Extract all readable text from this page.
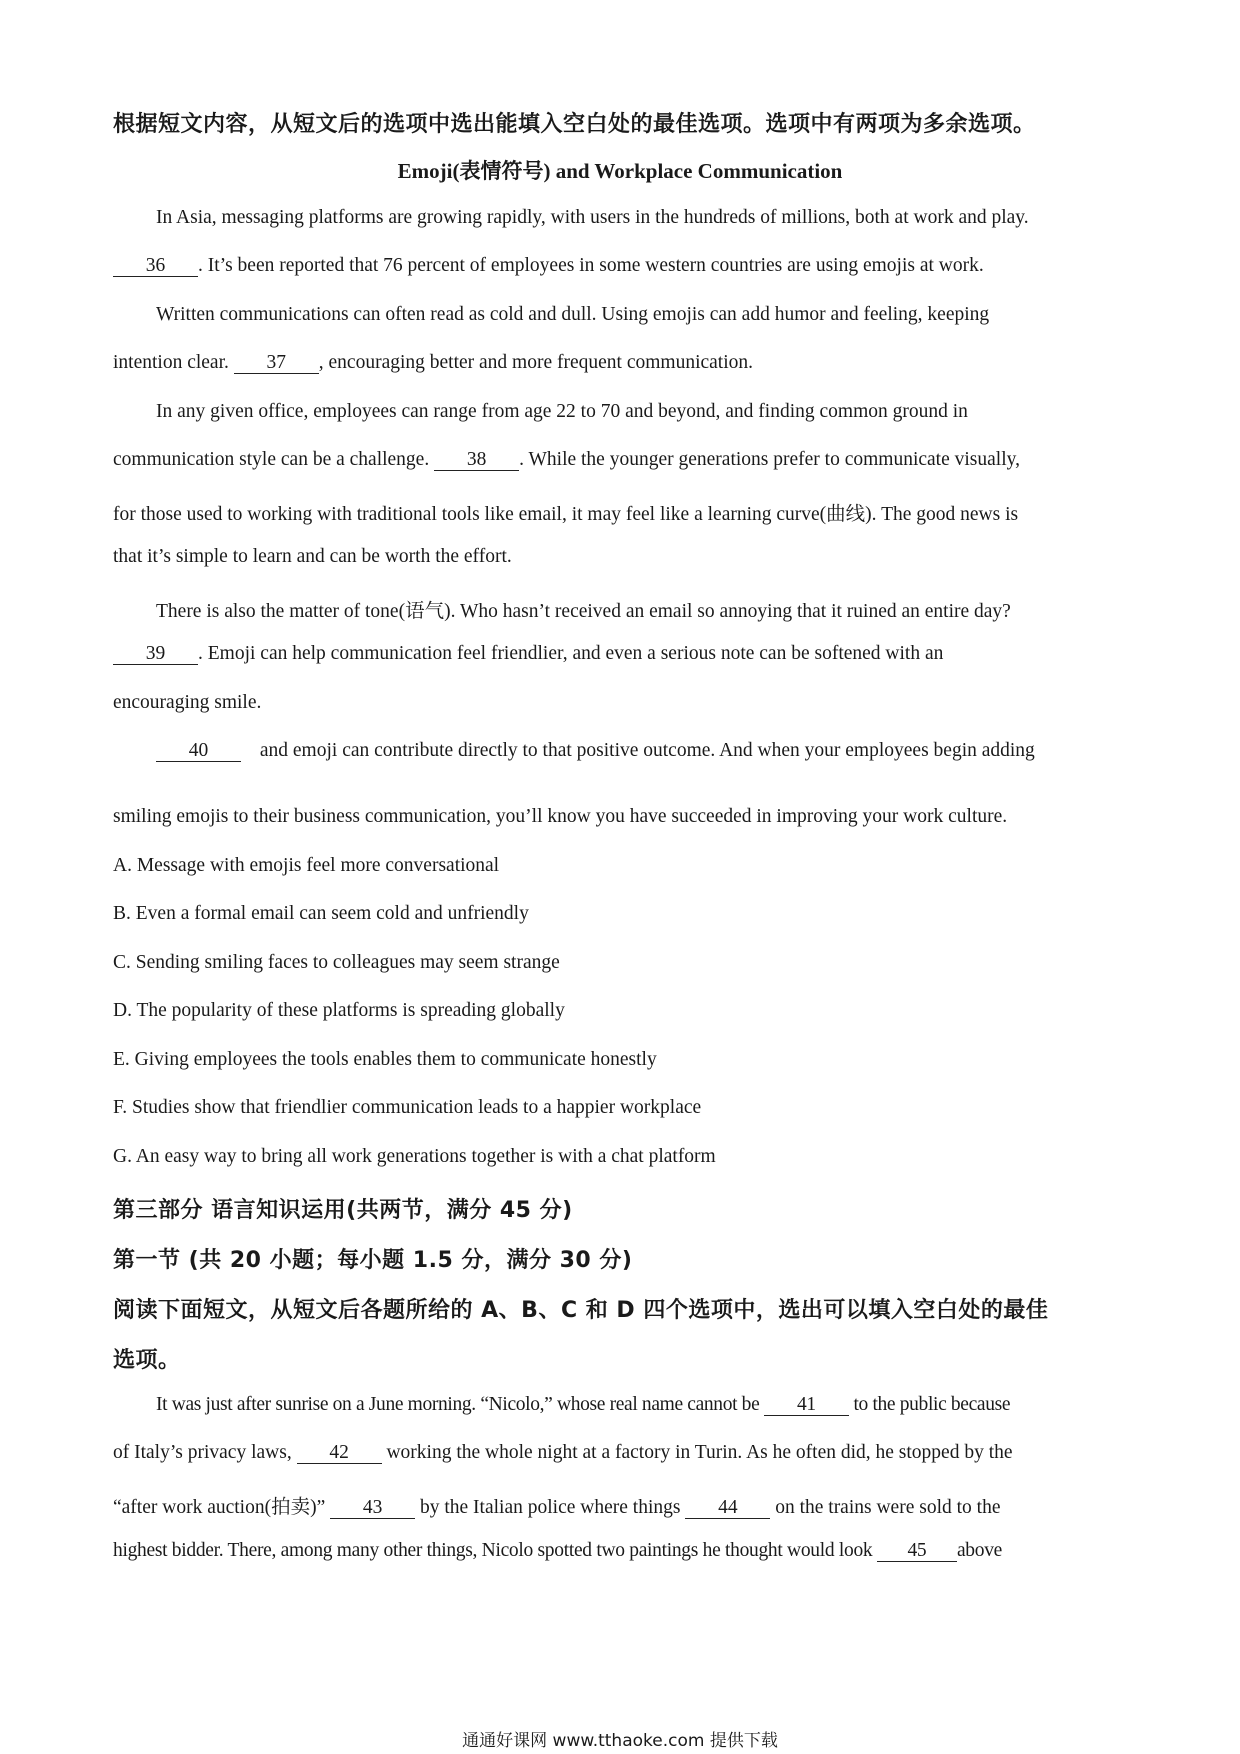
根据短文内容，从短文后的选项中选出能填入空白处的最佳选项。选项中有两项为多余选项。
Emoji(表情符号) and Workplace Communication
In Asia, messaging platforms are growing rapidly, with users in the hundreds of millions, both at work and play.
36 . It’s been reported that 76 percent of employees in some western countries are using emojis at work.
Written communications can often read as cold and dull. Using emojis can add humor and feeling, keeping
intention clear. 37 , encouraging better and more frequent communication.
In any given office, employees can range from age 22 to 70 and beyond, and finding common ground in
communication style can be a challenge. 38 . While the younger generations prefer to communicate visually,
for those used to working with traditional tools like email, it may feel like a learning curve(曲线). The good news is
that it’s simple to learn and can be worth the effort.
There is also the matter of tone(语气). Who hasn’t received an email so annoying that it ruined an entire day?
39 . Emoji can help communication feel friendlier, and even a serious note can be softened with an
encouraging smile.
40	and emoji can contribute directly to that positive outcome. And when your employees begin adding
smiling emojis to their business communication, you’ll know you have succeeded in improving your work culture.
A. Message with emojis feel more conversational
B. Even a formal email can seem cold and unfriendly
C. Sending smiling faces to colleagues may seem strange
D. The popularity of these platforms is spreading globally
E. Giving employees the tools enables them to communicate honestly
F. Studies show that friendlier communication leads to a happier workplace
G. An easy way to bring all work generations together is with a chat platform
第三部分 语言知识运用(共两节，满分 45 分)
第一节 (共 20 小题；每小题 1.5 分，满分 30 分)
阅读下面短文，从短文后各题所给的 A、B、C 和 D 四个选项中，选出可以填入空白处的最佳
选项。
It was just after sunrise on a June morning. “Nicolo,” whose real name cannot be 41 to the public because
of Italy’s privacy laws, 42 working the whole night at a factory in Turin. As he often did, he stopped by the
“after work auction(拍卖)” 43 by the Italian police where things 44 on the trains were sold to the
highest bidder. There, among many other things, Nicolo spotted two paintings he thought would look 45 above
通通好课网 www.tthaoke.com 提供下载
